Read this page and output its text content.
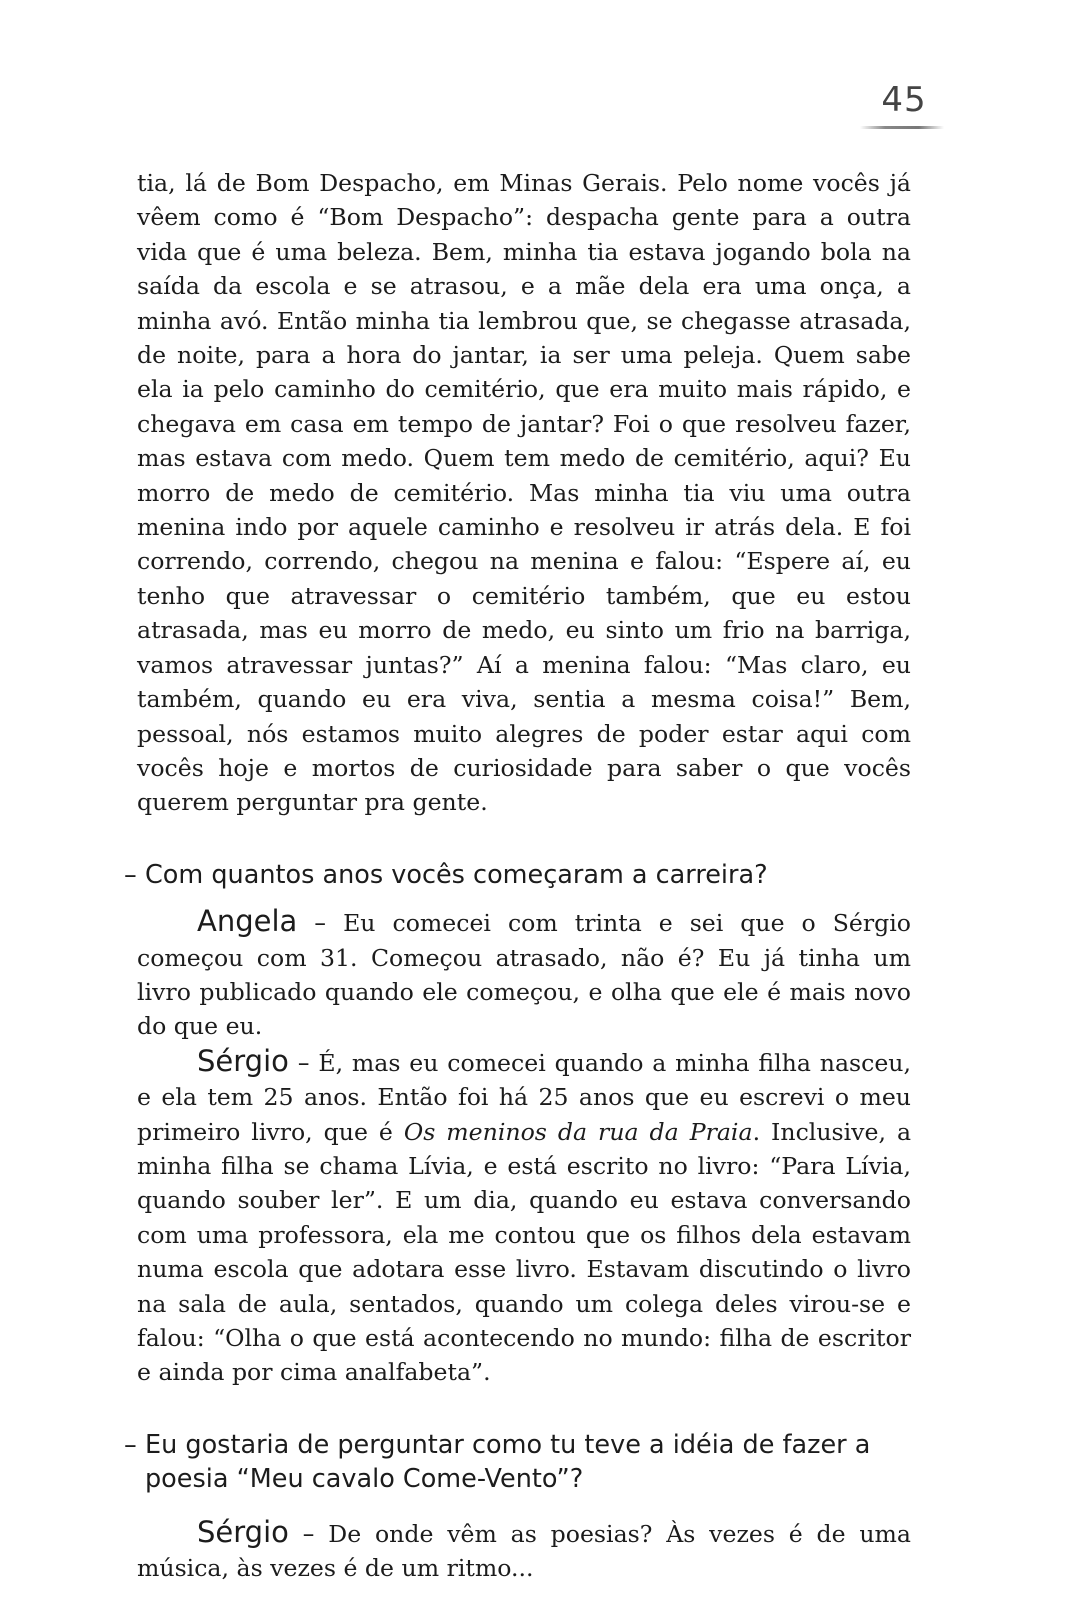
45

tia, lá de Bom Despacho, em Minas Gerais. Pelo nome vocês já vêem como é “Bom Despacho”: despacha gente para a outra vida que é uma beleza. Bem, minha tia estava jogando bola na saída da escola e se atrasou, e a mãe dela era uma onça, a minha avó. Então minha tia lembrou que, se chegasse atrasada, de noite, para a hora do jantar, ia ser uma peleja. Quem sabe ela ia pelo caminho do cemitério, que era muito mais rápido, e chegava em casa em tempo de jantar? Foi o que resolveu fazer, mas estava com medo. Quem tem medo de cemitério, aqui? Eu morro de medo de cemitério. Mas minha tia viu uma outra menina indo por aquele caminho e resolveu ir atrás dela. E foi correndo, correndo, chegou na menina e falou: “Espere aí, eu tenho que atravessar o cemitério também, que eu estou atrasada, mas eu morro de medo, eu sinto um frio na barriga, vamos atravessar juntas?” Aí a menina falou: “Mas claro, eu também, quando eu era viva, sentia a mesma coisa!” Bem, pessoal, nós estamos muito alegres de poder estar aqui com vocês hoje e mortos de curiosidade para saber o que vocês querem perguntar pra gente.

– Com quantos anos vocês começaram a carreira?

Angela – Eu comecei com trinta e sei que o Sérgio começou com 31. Começou atrasado, não é? Eu já tinha um livro publicado quando ele começou, e olha que ele é mais novo do que eu.

Sérgio – É, mas eu comecei quando a minha filha nasceu, e ela tem 25 anos. Então foi há 25 anos que eu escrevi o meu primeiro livro, que é Os meninos da rua da Praia. Inclusive, a minha filha se chama Lívia, e está escrito no livro: “Para Lívia, quando souber ler”. E um dia, quando eu estava conversando com uma professora, ela me contou que os filhos dela estavam numa escola que adotara esse livro. Estavam discutindo o livro na sala de aula, sentados, quando um colega deles virou-se e falou: “Olha o que está acontecendo no mundo: filha de escritor e ainda por cima analfabeta”.

– Eu gostaria de perguntar como tu teve a idéia de fazer a poesia “Meu cavalo Come-Vento”?

Sérgio – De onde vêm as poesias? Às vezes é de uma música, às vezes é de um ritmo...
